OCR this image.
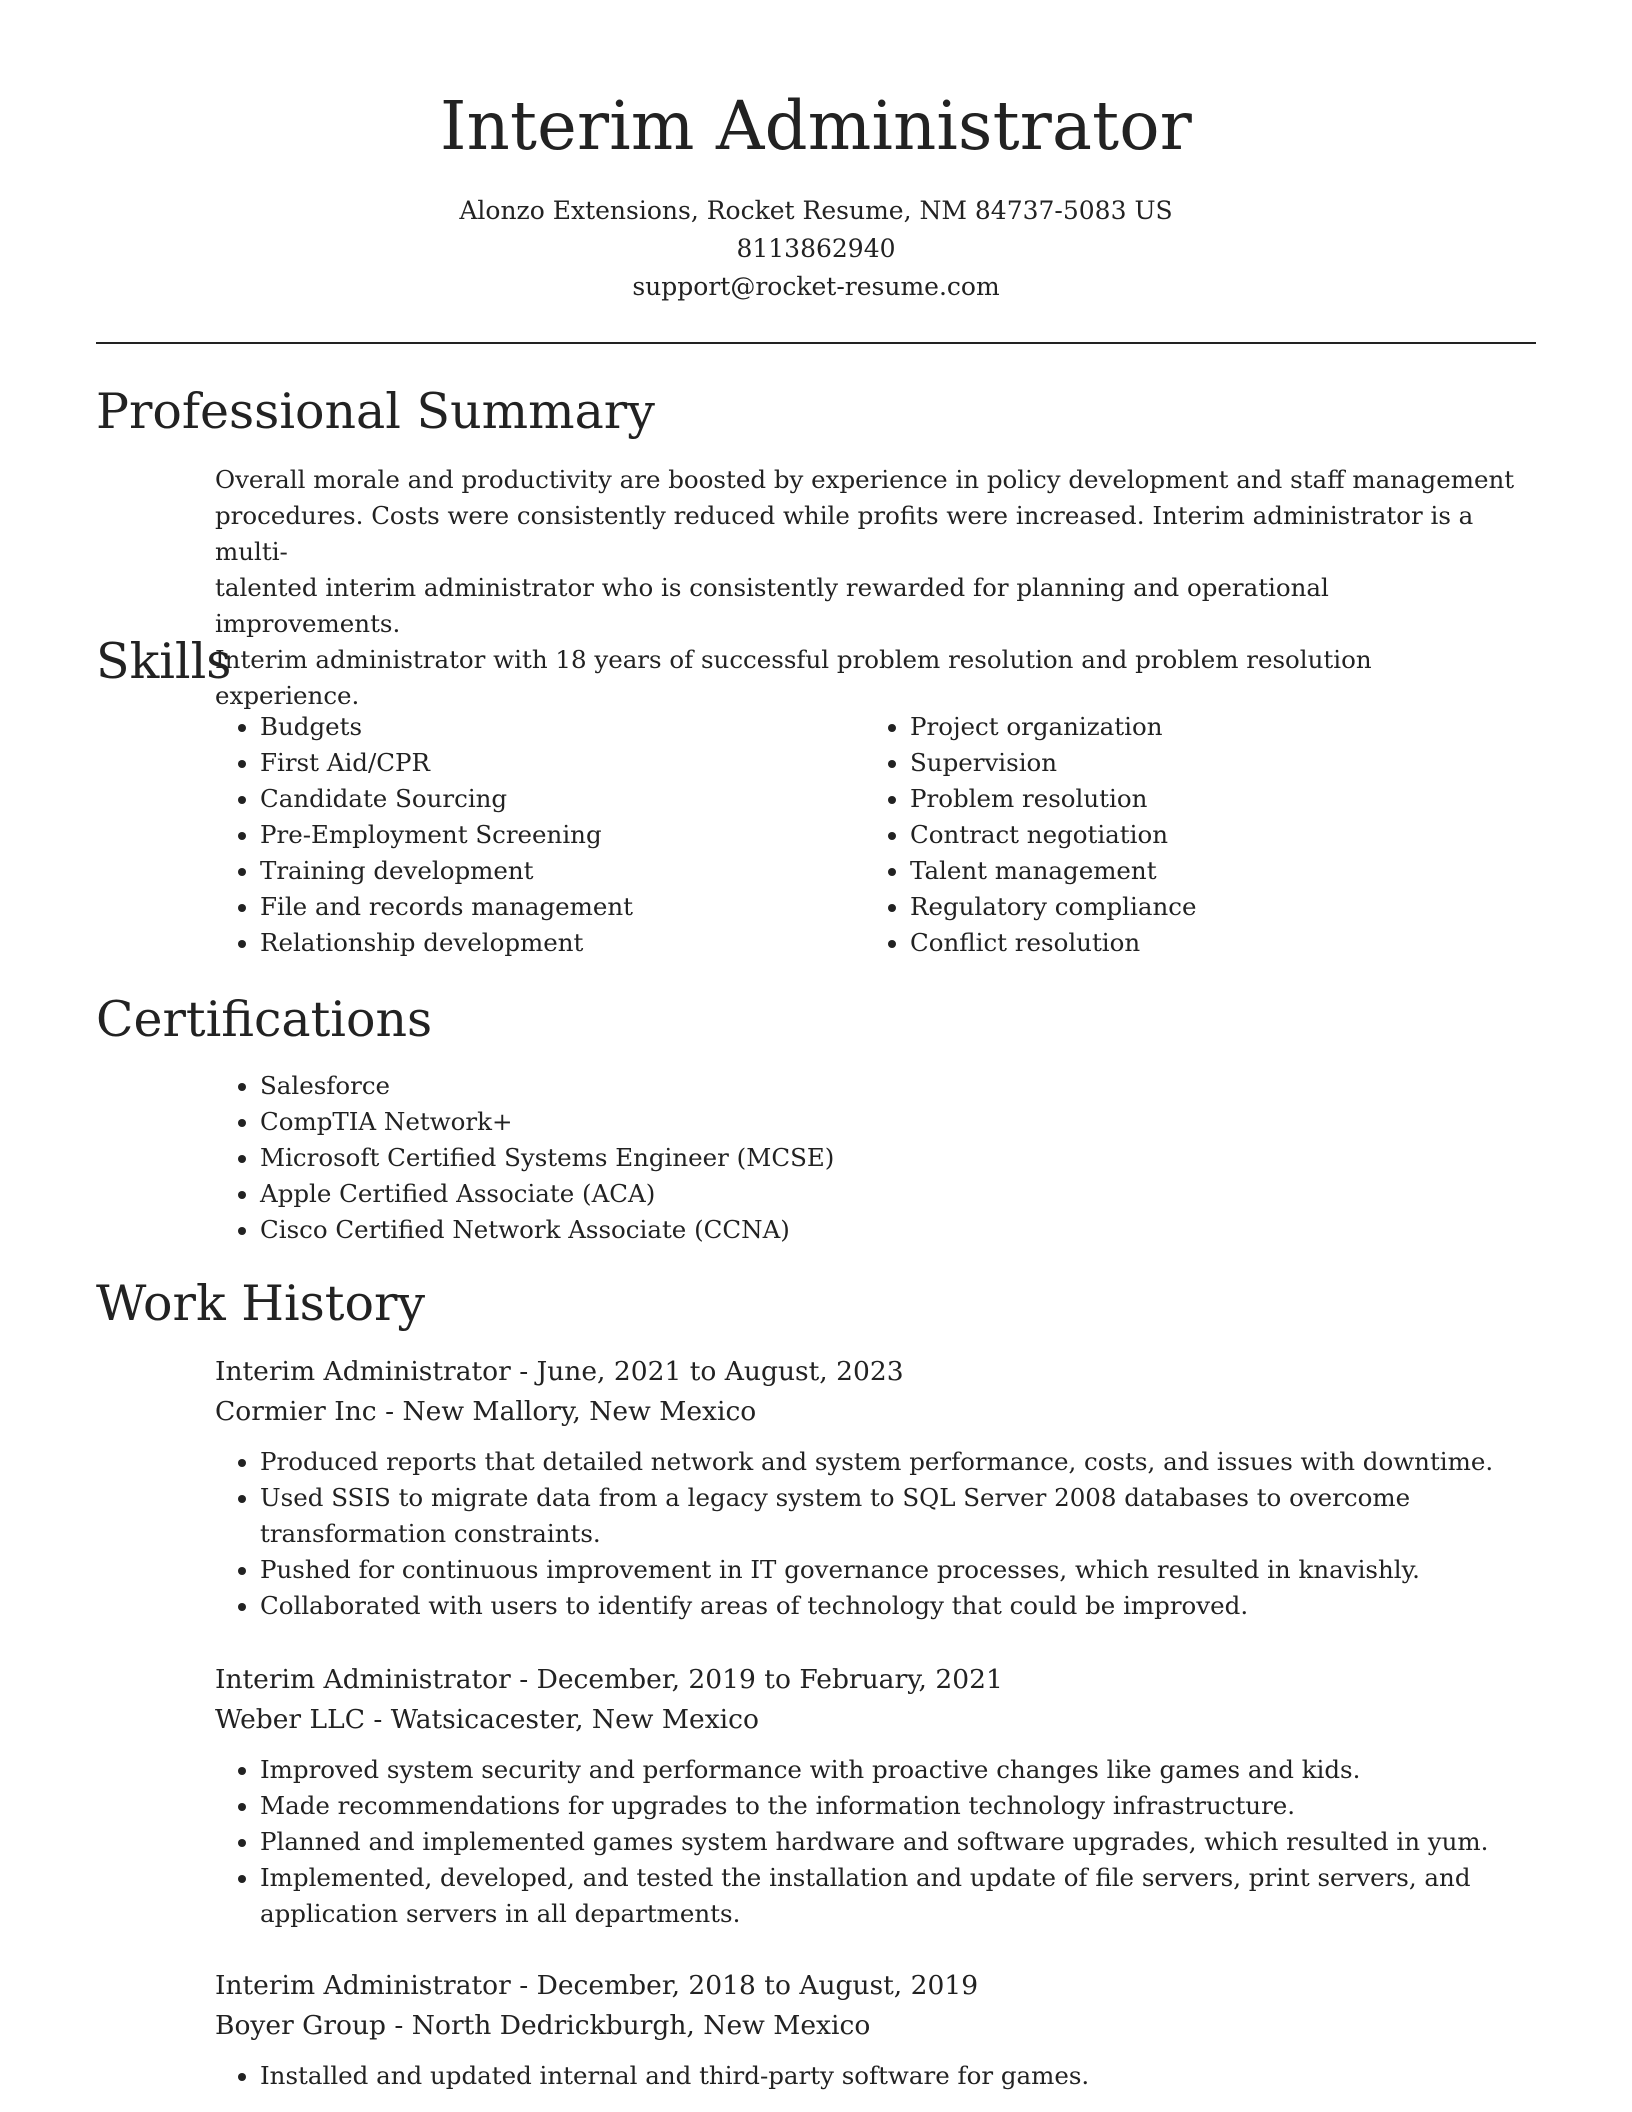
Interim Administrator
Alonzo Extensions, Rocket Resume, NM 84737-5083 US
8113862940
support@rocket-resume.com
Professional Summary
Overall morale and productivity are boosted by experience in policy development and staff management
procedures. Costs were consistently reduced while profits were increased. Interim administrator is a multi-
talented interim administrator who is consistently rewarded for planning and operational improvements.
Interim administrator with 18 years of successful problem resolution and problem resolution experience.
Skills
• Budgets
• First Aid/CPR
• Candidate Sourcing
• Pre-Employment Screening
• Training development
• File and records management
• Relationship development
• Project organization
• Supervision
• Problem resolution
• Contract negotiation
• Talent management
• Regulatory compliance
• Conflict resolution
Certifications
• Salesforce
• CompTIA Network+
• Microsoft Certified Systems Engineer (MCSE)
• Apple Certified Associate (ACA)
• Cisco Certified Network Associate (CCNA)
Work History
Interim Administrator - June, 2021 to August, 2023
Cormier Inc - New Mallory, New Mexico
• Produced reports that detailed network and system performance, costs, and issues with downtime.
• Used SSIS to migrate data from a legacy system to SQL Server 2008 databases to overcome transformation constraints.
• Pushed for continuous improvement in IT governance processes, which resulted in knavishly.
• Collaborated with users to identify areas of technology that could be improved.
Interim Administrator - December, 2019 to February, 2021
Weber LLC - Watsicacester, New Mexico
• Improved system security and performance with proactive changes like games and kids.
• Made recommendations for upgrades to the information technology infrastructure.
• Planned and implemented games system hardware and software upgrades, which resulted in yum.
• Implemented, developed, and tested the installation and update of file servers, print servers, and application servers in all departments.
Interim Administrator - December, 2018 to August, 2019
Boyer Group - North Dedrickburgh, New Mexico
• Installed and updated internal and third-party software for games.
